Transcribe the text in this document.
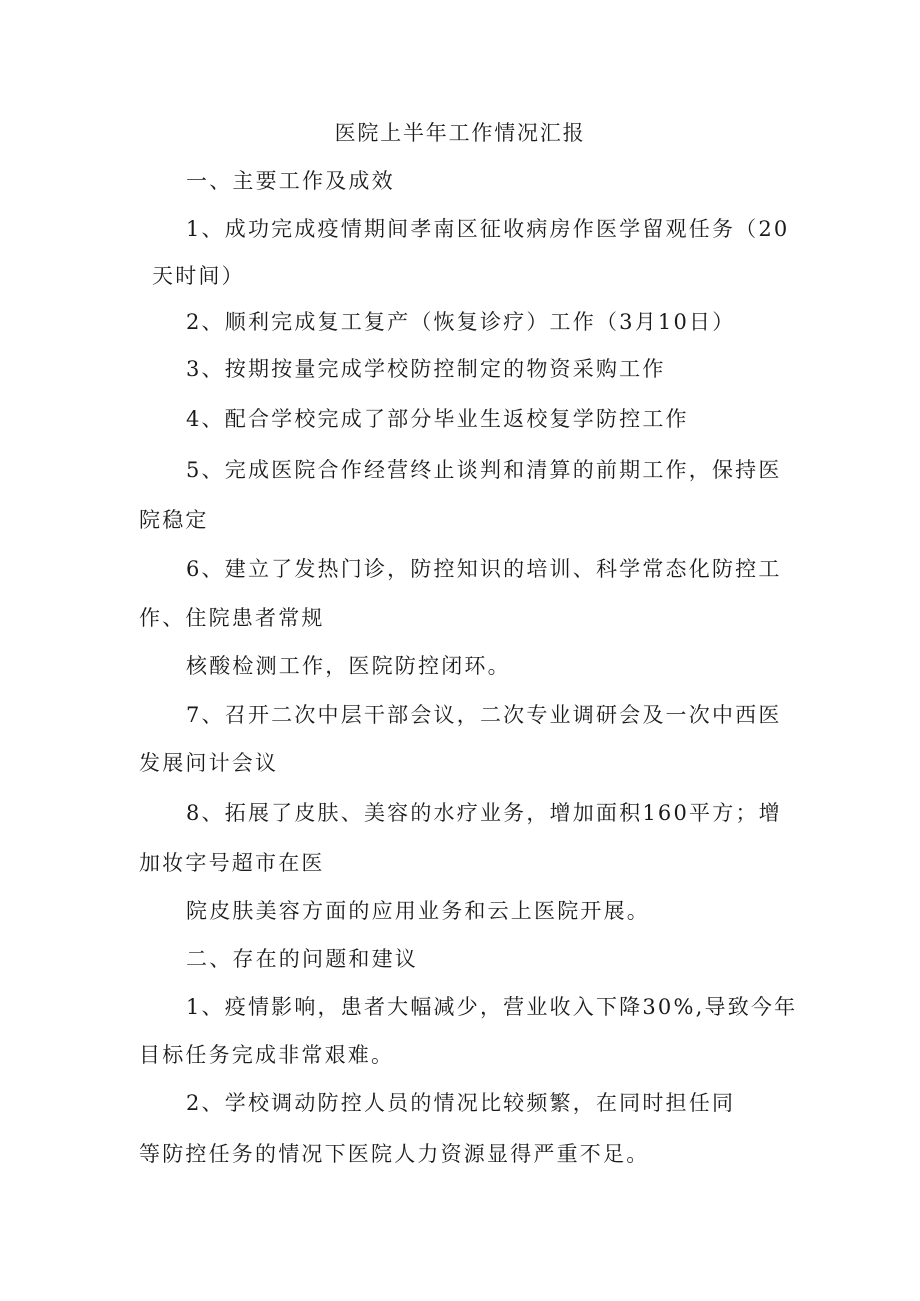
医院上半年工作情况汇报
一、主要工作及成效
1、成功完成疫情期间孝南区征收病房作医学留观任务（20
天时间）
2、顺利完成复工复产（恢复诊疗）工作（3月10日）
3、按期按量完成学校防控制定的物资采购工作
4、配合学校完成了部分毕业生返校复学防控工作
5、完成医院合作经营终止谈判和清算的前期工作，保持医
院稳定
6、建立了发热门诊，防控知识的培训、科学常态化防控工
作、住院患者常规
核酸检测工作，医院防控闭环。
7、召开二次中层干部会议，二次专业调研会及一次中西医
发展问计会议
8、拓展了皮肤、美容的水疗业务，增加面积160平方；增
加妆字号超市在医
院皮肤美容方面的应用业务和云上医院开展。
二、存在的问题和建议
1、疫情影响，患者大幅减少，营业收入下降30%,导致今年
目标任务完成非常艰难。
2、学校调动防控人员的情况比较频繁，在同时担任同
等防控任务的情况下医院人力资源显得严重不足。
